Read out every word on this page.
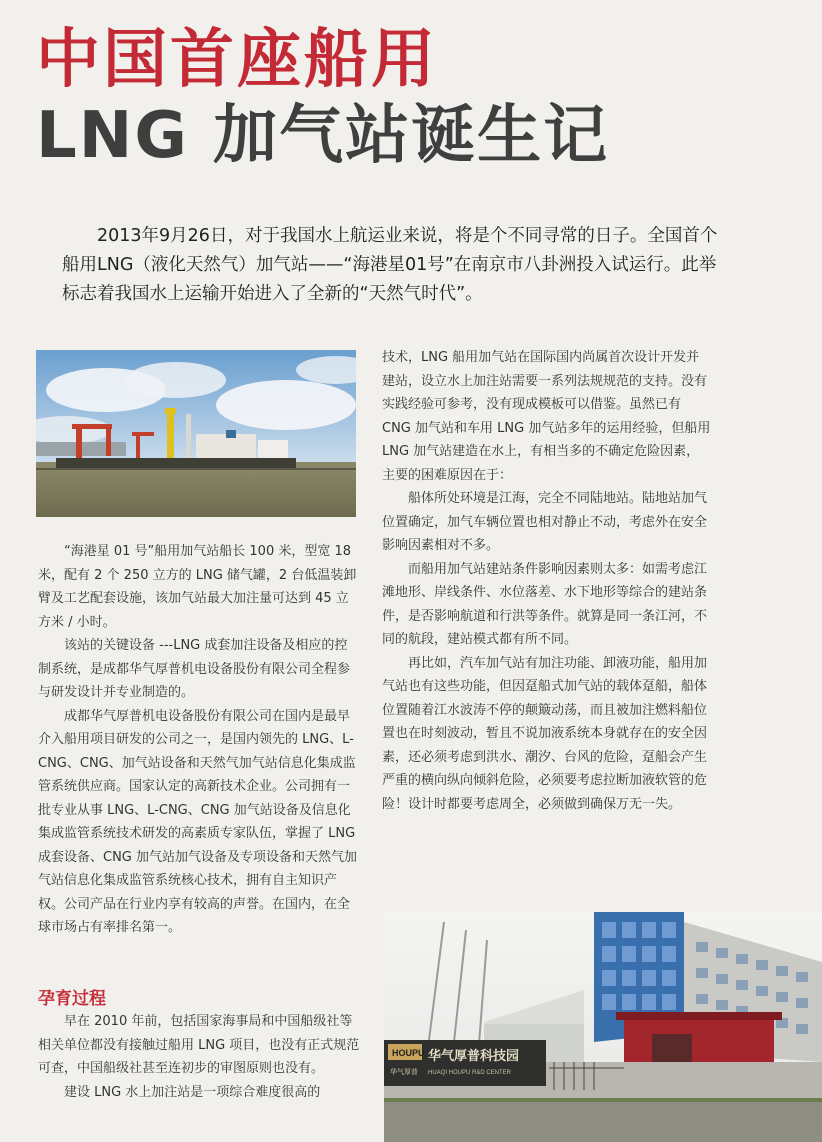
中国首座船用
LNG 加气站诞生记

2013年9月26日，对于我国水上航运业来说，将是个不同寻常的日子。全国首个船用LNG（液化天然气）加气站——“海港星01号”在南京市八卦洲投入试运行。此举标志着我国水上运输开始进入了全新的“天然气时代”。

“海港星 01 号”船用加气站船长 100 米，型宽 18 米，配有 2 个 250 立方的 LNG 储气罐，2 台低温装卸臂及工艺配套设施，该加气站最大加注量可达到 45 立方米 / 小时。

该站的关键设备 ---LNG 成套加注设备及相应的控制系统，是成都华气厚普机电设备股份有限公司全程参与研发设计并专业制造的。

成都华气厚普机电设备股份有限公司在国内是最早介入船用项目研发的公司之一，是国内领先的 LNG、L-CNG、CNG、加气站设备和天然气加气站信息化集成监管系统供应商。国家认定的高新技术企业。公司拥有一批专业从事 LNG、L-CNG、CNG 加气站设备及信息化集成监管系统技术研发的高素质专家队伍，掌握了 LNG 成套设备、CNG 加气站加气设备及专项设备和天然气加气站信息化集成监管系统核心技术，拥有自主知识产权。公司产品在行业内享有较高的声誉。在国内，在全球市场占有率排名第一。

孕育过程

早在 2010 年前，包括国家海事局和中国船级社等相关单位都没有接触过船用 LNG 项目，也没有正式规范可查，中国船级社甚至连初步的审图原则也没有。

建设 LNG 水上加注站是一项综合难度很高的

技术，LNG 船用加气站在国际国内尚属首次设计开发并建站，设立水上加注站需要一系列法规规范的支持。没有实践经验可参考，没有现成模板可以借鉴。虽然已有 CNG 加气站和车用 LNG 加气站多年的运用经验，但船用 LNG 加气站建造在水上，有相当多的不确定危险因素，主要的困难原因在于：

船体所处环境是江海，完全不同陆地站。陆地站加气位置确定，加气车辆位置也相对静止不动，考虑外在安全影响因素相对不多。

而船用加气站建站条件影响因素则太多：如需考虑江滩地形、岸线条件、水位落差、水下地形等综合的建站条件，是否影响航道和行洪等条件。就算是同一条江河，不同的航段，建站模式都有所不同。

再比如，汽车加气站有加注功能、卸液功能，船用加气站也有这些功能，但因趸船式加气站的载体趸船，船体位置随着江水波涛不停的颠簸动荡，而且被加注燃料船位置也在时刻波动，暂且不说加液系统本身就存在的安全因素，还必须考虑到洪水、潮汐、台风的危险，趸船会产生严重的横向纵向倾斜危险，必须要考虑拉断加液软管的危险！设计时都要考虑周全，必须做到确保万无一失。

HOUPU
华气厚普
华气厚普科技园
HUAQI HOUPU R&D CENTER
